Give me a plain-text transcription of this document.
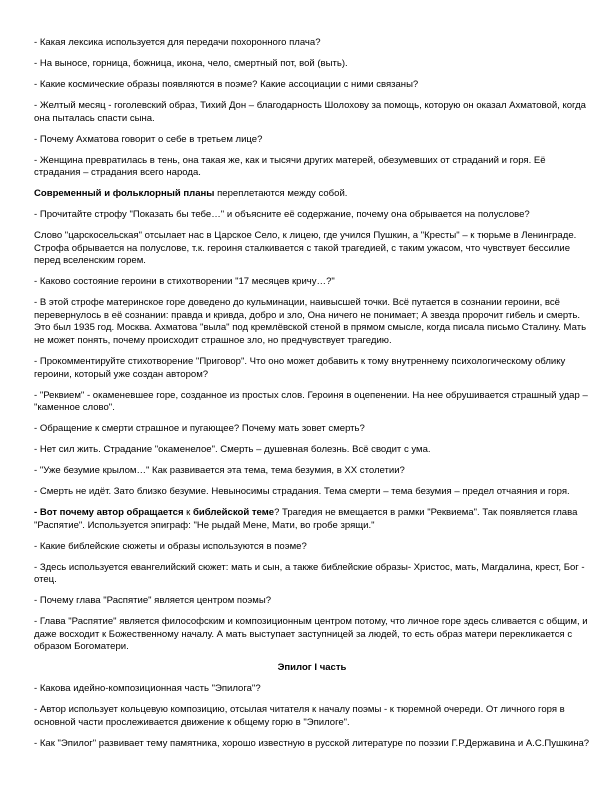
- Какая лексика используется для передачи похоронного плача?

- На выносе, горница, божница, икона, чело, смертный пот, вой (выть).

- Какие космические образы появляются в поэме? Какие ассоциации с ними связаны?

- Желтый месяц - гоголевский образ, Тихий Дон – благодарность Шолохову за помощь, которую он оказал Ахматовой, когда она пыталась спасти сына.

- Почему Ахматова говорит о себе в третьем лице?

- Женщина превратилась в тень, она такая же, как и тысячи других матерей, обезумевших от страданий и горя. Её страдания – страдания всего народа.

Современный и фольклорный планы переплетаются между собой.

- Прочитайте строфу "Показать бы тебе…" и объясните её содержание, почему она обрывается на полуслове?

Слово "царскосельская" отсылает нас в Царское Село, к лицею, где учился Пушкин, а "Кресты" – к тюрьме в Ленинграде. Строфа обрывается на полуслове, т.к. героиня сталкивается с такой трагедией, с таким ужасом, что чувствует бессилие перед вселенским горем.

- Каково состояние героини в стихотворении "17 месяцев кричу…?"

- В этой строфе материнское горе доведено до кульминации, наивысшей точки. Всё путается в сознании героини, всё перевернулось в её сознании: правда и кривда, добро и зло, Она ничего не понимает; А звезда пророчит гибель и смерть. Это был 1935 год. Москва. Ахматова "выла" под кремлёвской стеной в прямом смысле, когда писала письмо Сталину. Мать не может понять, почему происходит страшное зло, но предчувствует трагедию.

- Прокомментируйте стихотворение "Приговор". Что оно может добавить к тому внутреннему психологическому облику героини, который уже создан автором?

- "Реквием" - окаменевшее горе, созданное из простых слов. Героиня в оцепенении. На нее обрушивается страшный удар – "каменное слово".

- Обращение к смерти страшное и пугающее? Почему мать зовет смерть?

- Нет сил жить. Страдание "окаменелое". Смерть – душевная болезнь. Всё сводит с ума.

- "Уже безумие крылом…" Как развивается эта тема, тема безумия, в XX столетии?

- Смерть не идёт. Зато близко безумие. Невыносимы страдания. Тема смерти – тема безумия – предел отчаяния и горя.

- Вот почему автор обращается к библейской теме? Трагедия не вмещается в рамки "Реквиема". Так появляется глава "Распятие". Используется эпиграф: "Не рыдай Мене, Мати, во гробе зрящи."

- Какие библейские сюжеты и образы используются в поэме?

- Здесь используется евангелийский сюжет: мать и сын, а также библейские образы- Христос, мать, Магдалина, крест, Бог - отец.

- Почему глава "Распятие" является центром поэмы?

- Глава "Распятие" является философским и композиционным центром потому, что личное горе здесь сливается с общим, и даже восходит к Божественному началу. А мать выступает заступницей за людей, то есть образ матери перекликается с образом Богоматери.

Эпилог I часть

- Какова идейно-композиционная часть "Эпилога"?

- Автор использует кольцевую композицию, отсылая читателя к началу поэмы - к тюремной очереди. От личного горя в основной части прослеживается движение к общему горю в "Эпилоге".

- Как "Эпилог" развивает тему памятника, хорошо известную в русской литературе по поэзии Г.Р.Державина и А.С.Пушкина?
